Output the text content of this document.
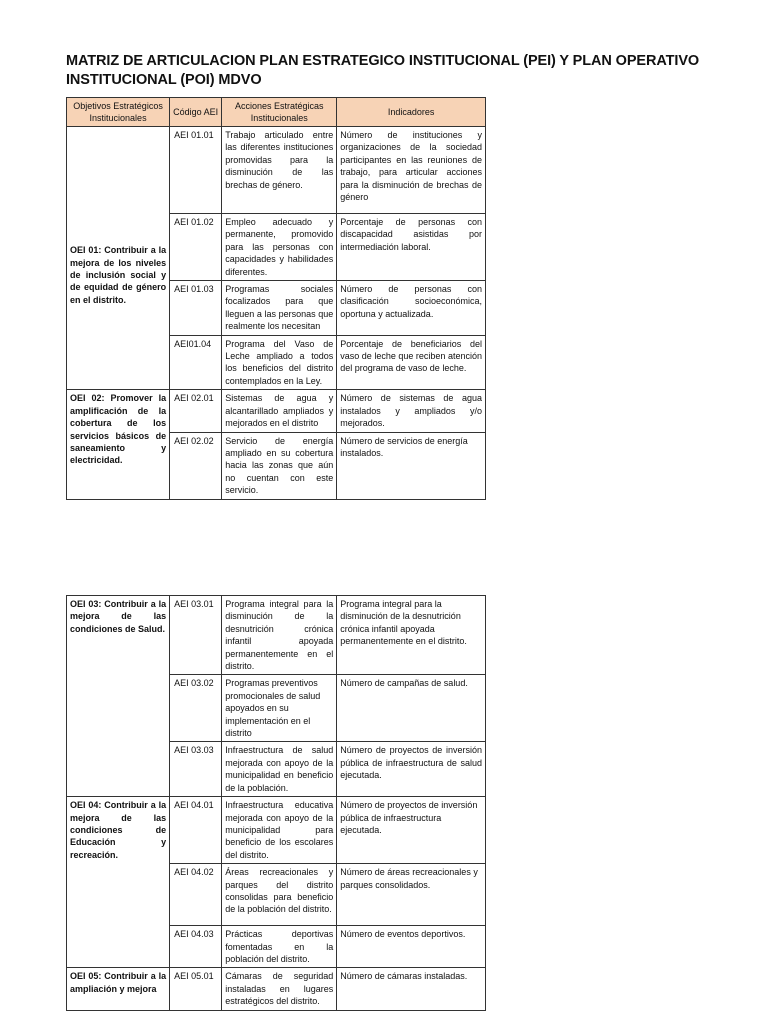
MATRIZ DE ARTICULACION PLAN ESTRATEGICO INSTITUCIONAL (PEI) Y PLAN OPERATIVO INSTITUCIONAL (POI) MDVO
Objetivos Estratégicos Institucionales	Código AEI	Acciones Estratégicas Institucionales	Indicadores
OEI 01: Contribuir a la mejora de los niveles de inclusión social y de equidad de género en el distrito.	AEI 01.01	Trabajo articulado entre las diferentes instituciones promovidas para la disminución de las brechas de género.	Número de instituciones y organizaciones de la sociedad participantes en las reuniones de trabajo, para articular acciones para la disminución de brechas de género
	AEI 01.02	Empleo adecuado y permanente, promovido para las personas con capacidades y habilidades diferentes.	Porcentaje de personas con discapacidad asistidas por intermediación laboral.
	AEI 01.03	Programas sociales focalizados para que lleguen a las personas que realmente los necesitan	Número de personas con clasificación socioeconómica, oportuna y actualizada.
	AEI01.04	Programa del Vaso de Leche ampliado a todos los beneficios del distrito contemplados en la Ley.	Porcentaje de beneficiarios del vaso de leche que reciben atención del programa de vaso de leche.
OEI 02: Promover la amplificación de la cobertura de los servicios básicos de saneamiento y electricidad.	AEI 02.01	Sistemas de agua y alcantarillado ampliados y mejorados en el distrito	Número de sistemas de agua instalados y ampliados y/o mejorados.
	AEI 02.02	Servicio de energía ampliado en su cobertura hacia las zonas que aún no cuentan con este servicio.	Número de servicios de energía instalados.
OEI 03: Contribuir a la mejora de las condiciones de Salud.	AEI 03.01	Programa integral para la disminución de la desnutrición crónica infantil apoyada permanentemente en el distrito.	Programa integral para la disminución de la desnutrición crónica infantil apoyada permanentemente en el distrito.
	AEI 03.02	Programas preventivos promocionales de salud apoyados en su implementación en el distrito	Número de campañas de salud.
	AEI 03.03	Infraestructura de salud mejorada con apoyo de la municipalidad en beneficio de la población.	Número de proyectos de inversión pública de infraestructura de salud ejecutada.
OEI 04: Contribuir a la mejora de las condiciones de Educación y recreación.	AEI 04.01	Infraestructura educativa mejorada con apoyo de la municipalidad para beneficio de los escolares del distrito.	Número de proyectos de inversión pública de infraestructura ejecutada.
	AEI 04.02	Áreas recreacionales y parques del distrito consolidas para beneficio de la población del distrito.	Número de áreas recreacionales y parques consolidados.
	AEI 04.03	Prácticas deportivas fomentadas en la población del distrito.	Número de eventos deportivos.
OEI 05: Contribuir a la ampliación y mejora	AEI 05.01	Cámaras de seguridad instaladas en lugares estratégicos del distrito.	Número de cámaras instaladas.
